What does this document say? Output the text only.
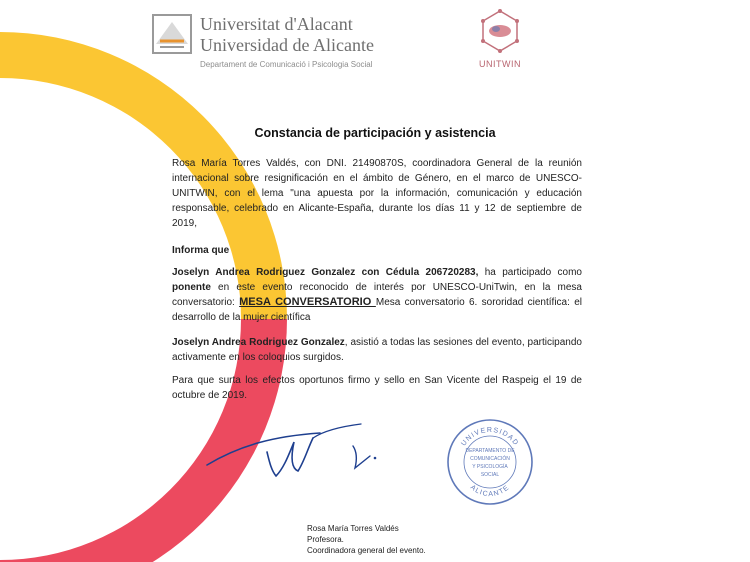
Universitat d'Alacant
Universidad de Alicante
Departament de Comunicació i Psicologia Social	UNITWIN
Constancia de participación y asistencia
Rosa María Torres Valdés, con DNI. 21490870S, coordinadora General de la reunión internacional sobre resignificación en el ámbito de Género, en el marco de UNESCO-UNITWIN, con el lema "una apuesta por la información, comunicación y educación responsable, celebrado en Alicante-España, durante los días 11 y 12 de septiembre de 2019,
Informa que
Joselyn Andrea Rodriguez Gonzalez con Cédula 206720283, ha participado como ponente en este evento reconocido de interés por UNESCO-UniTwin, en la mesa conversatorio: MESA CONVERSATORIO Mesa conversatorio 6. sororidad científica: el desarrollo de la mujer científica
Joselyn Andrea Rodriguez Gonzalez, asistió a todas las sesiones del evento, participando activamente en los coloquios surgidos.
Para que surta los efectos oportunos firmo y sello en San Vicente del Raspeig el 19 de octubre de 2019.
UNIVERSIDAD
ALICANTE
DEPARTAMENTO DE
COMUNICACIÓN
Y PSICOLOGÍA
SOCIAL
Rosa María Torres Valdés
Profesora.
Coordinadora general del evento.
